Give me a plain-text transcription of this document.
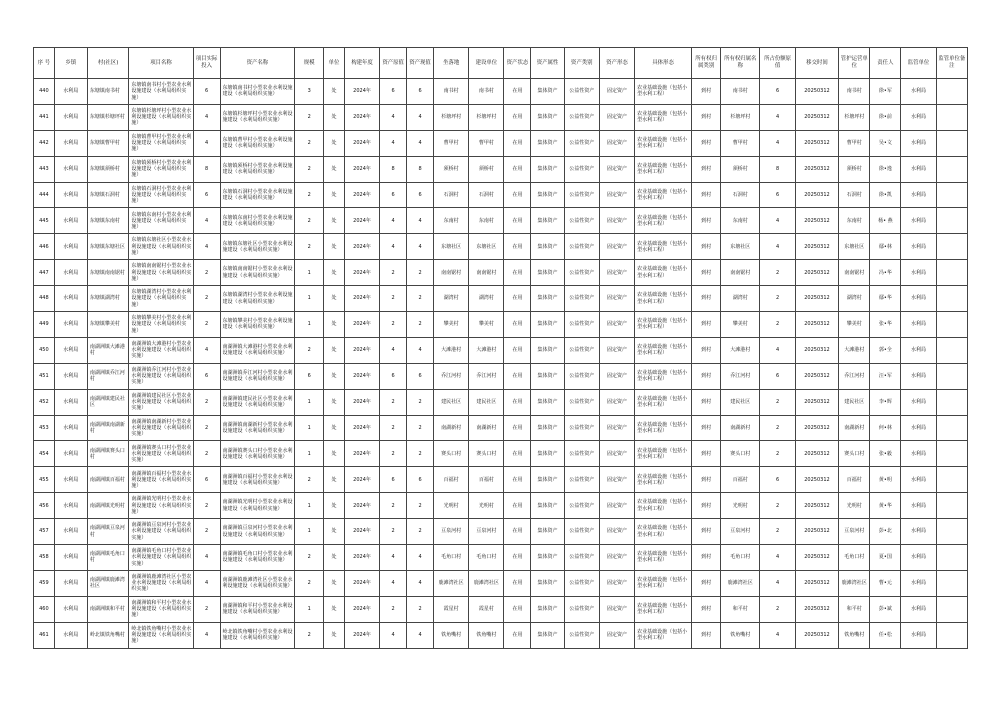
序 号	乡镇	村(社区)	项目名称	项目实际投入	资产名称	规模	单位	构建年度	资产原值	资产现值	坐落地	建设单位	资产状态	资产属性	资产类别	资产形态	具体形态	所有权归属类别	所有权归属名称	所占份额原值	移交时间	管护运营单位	责任人	监管单位	监管单位备注
440	水利局	东塘镇南书村	东塘镇南书村小型农业水利设施建设（水利局组织实施）	6	东塘镇南书村小型农业水利设施建设（水利局组织实施）	3	处	2024年	6	6	南书村	南书村	在用	集体资产	公益性资产	固定资产	农业基础设施（包括小型水利工程）	到村	南书村	6	20250312	南书村	徐•军	水利局	
441	水利局	东塘镇杉塘坪村	东塘镇杉塘坪村小型农业水利设施建设（水利局组织实施）	4	东塘镇杉塘坪村小型农业水利设施建设（水利局组织实施）	2	处	2024年	4	4	杉塘坪村	杉塘坪村	在用	集体资产	公益性资产	固定资产	农业基础设施（包括小型水利工程）	到村	杉塘坪村	4	20250312	杉塘坪村	徐•前	水利局	
442	水利局	东塘镇曹甲村	东塘镇曹甲村小型农业水利设施建设（水利局组织实施）	4	东塘镇曹甲村小型农业水利设施建设（水利局组织实施）	2	处	2024年	4	4	曹甲村	曹甲村	在用	集体资产	公益性资产	固定资产	农业基础设施（包括小型水利工程）	到村	曹甲村	4	20250312	曹甲村	吴•文	水利局	
443	水利局	东塘镇须桥村	东塘镇须桥村小型农业水利设施建设（水利局组织实施）	8	东塘镇须桥村小型农业水利设施建设（水利局组织实施）	2	处	2024年	8	8	须桥村	须桥村	在用	集体资产	公益性资产	固定资产	农业基础设施（包括小型水利工程）	到村	须桥村	8	20250312	须桥村	徐•逸	水利局	
444	水利局	东塘镇石洞村	东塘镇石洞村小型农业水利设施建设（水利局组织实施）	6	东塘镇石洞村小型农业水利设施建设（水利局组织实施）	2	处	2024年	6	6	石洞村	石洞村	在用	集体资产	公益性资产	固定资产	农业基础设施（包括小型水利工程）	到村	石洞村	6	20250312	石洞村	徐•凯	水利局	
445	水利局	东塘镇东南村	东塘镇东南村小型农业水利设施建设（水利局组织实施）	4	东塘镇东南村小型农业水利设施建设（水利局组织实施）	2	处	2024年	4	4	东南村	东南村	在用	集体资产	公益性资产	固定资产	农业基础设施（包括小型水利工程）	到村	东南村	4	20250312	东南村	杨• 燕	水利局	
446	水利局	东塘镇东塘社区	东塘镇东塘社区小型农业水利设施建设（水利局组织实施）	4	东塘镇东塘社区小型农业水利设施建设（水利局组织实施）	2	处	2024年	4	4	东塘社区	东塘社区	在用	集体资产	公益性资产	固定资产	农业基础设施（包括小型水利工程）	到村	东塘社区	4	20250312	东塘社区	鄢•林	水利局	
447	水利局	东塘镇南南锯村	东塘镇南南锯村小型农业水利设施建设（水利局组织实施）	2	东塘镇南南锯村小型农业水利设施建设（水利局组织实施）	1	处	2024年	2	2	南南锯村	南南锯村	在用	集体资产	公益性资产	固定资产	农业基础设施（包括小型水利工程）	到村	南南锯村	2	20250312	南南锯村	冯•华	水利局	
448	水利局	东塘镇湖湾村	东塘镇湖湾村小型农业水利设施建设（水利局组织实施）	2	东塘镇湖湾村小型农业水利设施建设（水利局组织实施）	1	处	2024年	2	2	湖湾村	湖湾村	在用	集体资产	公益性资产	固定资产	农业基础设施（包括小型水利工程）	到村	湖湾村	2	20250312	湖湾村	鄢•华	水利局	
449	水利局	东塘镇攀美村	东塘镇攀美村小型农业水利设施建设（水利局组织实施）	2	东塘镇攀美村小型农业水利设施建设（水利局组织实施）	1	处	2024年	2	2	攀美村	攀美村	在用	集体资产	公益性资产	固定资产	农业基础设施（包括小型水利工程）	到村	攀美村	2	20250312	攀美村	张•华	水利局	
450	水利局	南湖洲镇大滩港村	南湖洲镇大滩港村小型农业水利设施建设（水利局组织实施）	4	南湖洲镇大滩港村小型农业水利设施建设（水利局组织实施）	2	处	2024年	4	4	大滩港村	大滩港村	在用	集体资产	公益性资产	固定资产	农业基础设施（包括小型水利工程）	到村	大滩港村	4	20250312	大滩港村	郭•全	水利局	
451	水利局	南湖洲镇乔江河村	南湖洲镇乔江河村小型农业水利设施建设（水利局组织实施）	6	南湖洲镇乔江河村小型农业水利设施建设（水利局组织实施）	6	处	2024年	6	6	乔江河村	乔江河村	在用	集体资产	公益性资产	固定资产	农业基础设施（包括小型水利工程）	到村	乔江河村	6	20250312	乔江河村	汪•军	水利局	
452	水利局	南湖洲镇建民社区	南湖洲镇建民社区小型农业水利设施建设（水利局组织实施）	2	南湖洲镇建民社区小型农业水利设施建设（水利局组织实施）	1	处	2024年	2	2	建民社区	建民社区	在用	集体资产	公益性资产	固定资产	农业基础设施（包括小型水利工程）	到村	建民社区	2	20250312	建民社区	李•辉	水利局	
453	水利局	南湖洲镇南湖新村	南湖洲镇南湖新村小型农业水利设施建设（水利局组织实施）	2	南湖洲镇南湖新村小型农业水利设施建设（水利局组织实施）	1	处	2024年	2	2	南湖新村	南湖新村	在用	集体资产	公益性资产	固定资产	农业基础设施（包括小型水利工程）	到村	南湖新村	2	20250312	南湖新村	何•林	水利局	
454	水利局	南湖洲镇赛头口村	南湖洲镇赛头口村小型农业水利设施建设（水利局组织实施）	2	南湖洲镇赛头口村小型农业水利设施建设（水利局组织实施）	1	处	2024年	2	2	赛头口村	赛头口村	在用	集体资产	公益性资产	固定资产	农业基础设施（包括小型水利工程）	到村	赛头口村	2	20250312	赛头口村	张•毅	水利局	
455	水利局	南湖洲镇百福村	南湖洲镇百福村小型农业水利设施建设（水利局组织实施）	6	南湖洲镇百福村小型农业水利设施建设（水利局组织实施）	2	处	2024年	6	6	百福村	百福村	在用	集体资产	公益性资产	固定资产	农业基础设施（包括小型水利工程）	到村	百福村	6	20250312	百福村	黄•明	水利局	
456	水利局	南湖洲镇光明村	南湖洲镇光明村小型农业水利设施建设（水利局组织实施）	2	南湖洲镇光明村小型农业水利设施建设（水利局组织实施）	1	处	2024年	2	2	光明村	光明村	在用	集体资产	公益性资产	固定资产	农业基础设施（包括小型水利工程）	到村	光明村	2	20250312	光明村	黄•华	水利局	
457	水利局	南湖洲镇亘泉河村	南湖洲镇亘泉河村小型农业水利设施建设（水利局组织实施）	2	南湖洲镇亘泉河村小型农业水利设施建设（水利局组织实施）	1	处	2024年	2	2	亘泉河村	亘泉河村	在用	集体资产	公益性资产	固定资产	农业基础设施（包括小型水利工程）	到村	亘泉河村	2	20250312	亘泉河村	彭•北	水利局	
458	水利局	南湖洲镇毛角口村	南湖洲镇毛角口村小型农业水利设施建设（水利局组织实施）	4	南湖洲镇毛角口村小型农业水利设施建设（水利局组织实施）	2	处	2024年	4	4	毛角口村	毛角口村	在用	集体资产	公益性资产	固定资产	农业基础设施（包括小型水利工程）	到村	毛角口村	4	20250312	毛角口村	夏•国	水利局	
459	水利局	南湖洲镇鹿滩湾社区	南湖洲镇鹿滩湾社区小型农业水利设施建设（水利局组织实施）	4	南湖洲镇鹿滩湾社区小型农业水利设施建设（水利局组织实施）	2	处	2024年	4	4	鹿滩湾社区	鹿滩湾社区	在用	集体资产	公益性资产	固定资产	农业基础设施（包括小型水利工程）	到村	鹿滩湾社区	4	20250312	鹿滩湾社区	曹•元	水利局	
460	水利局	南湖洲镇和平村	南湖洲镇和平村小型农业水利设施建设（水利局组织实施）	2	南湖洲镇和平村小型农业水利设施建设（水利局组织实施）	1	处	2024年	2	2	霞星村	霞星村	在用	集体资产	公益性资产	固定资产	农业基础设施（包括小型水利工程）	到村	和平村	2	20250312	和平村	彭•斌	水利局	
461	水利局	岭北镇铁角嘴村	岭北镇铁角嘴村小型农业水利设施建设（水利局组织实施）	4	岭北镇铁角嘴村小型农业水利设施建设（水利局组织实施）	2	处	2024年	4	4	铁角嘴村	铁角嘴村	在用	集体资产	公益性资产	固定资产	农业基础设施（包括小型水利工程）	到村	铁角嘴村	4	20250312	铁角嘴村	任•松	水利局	
